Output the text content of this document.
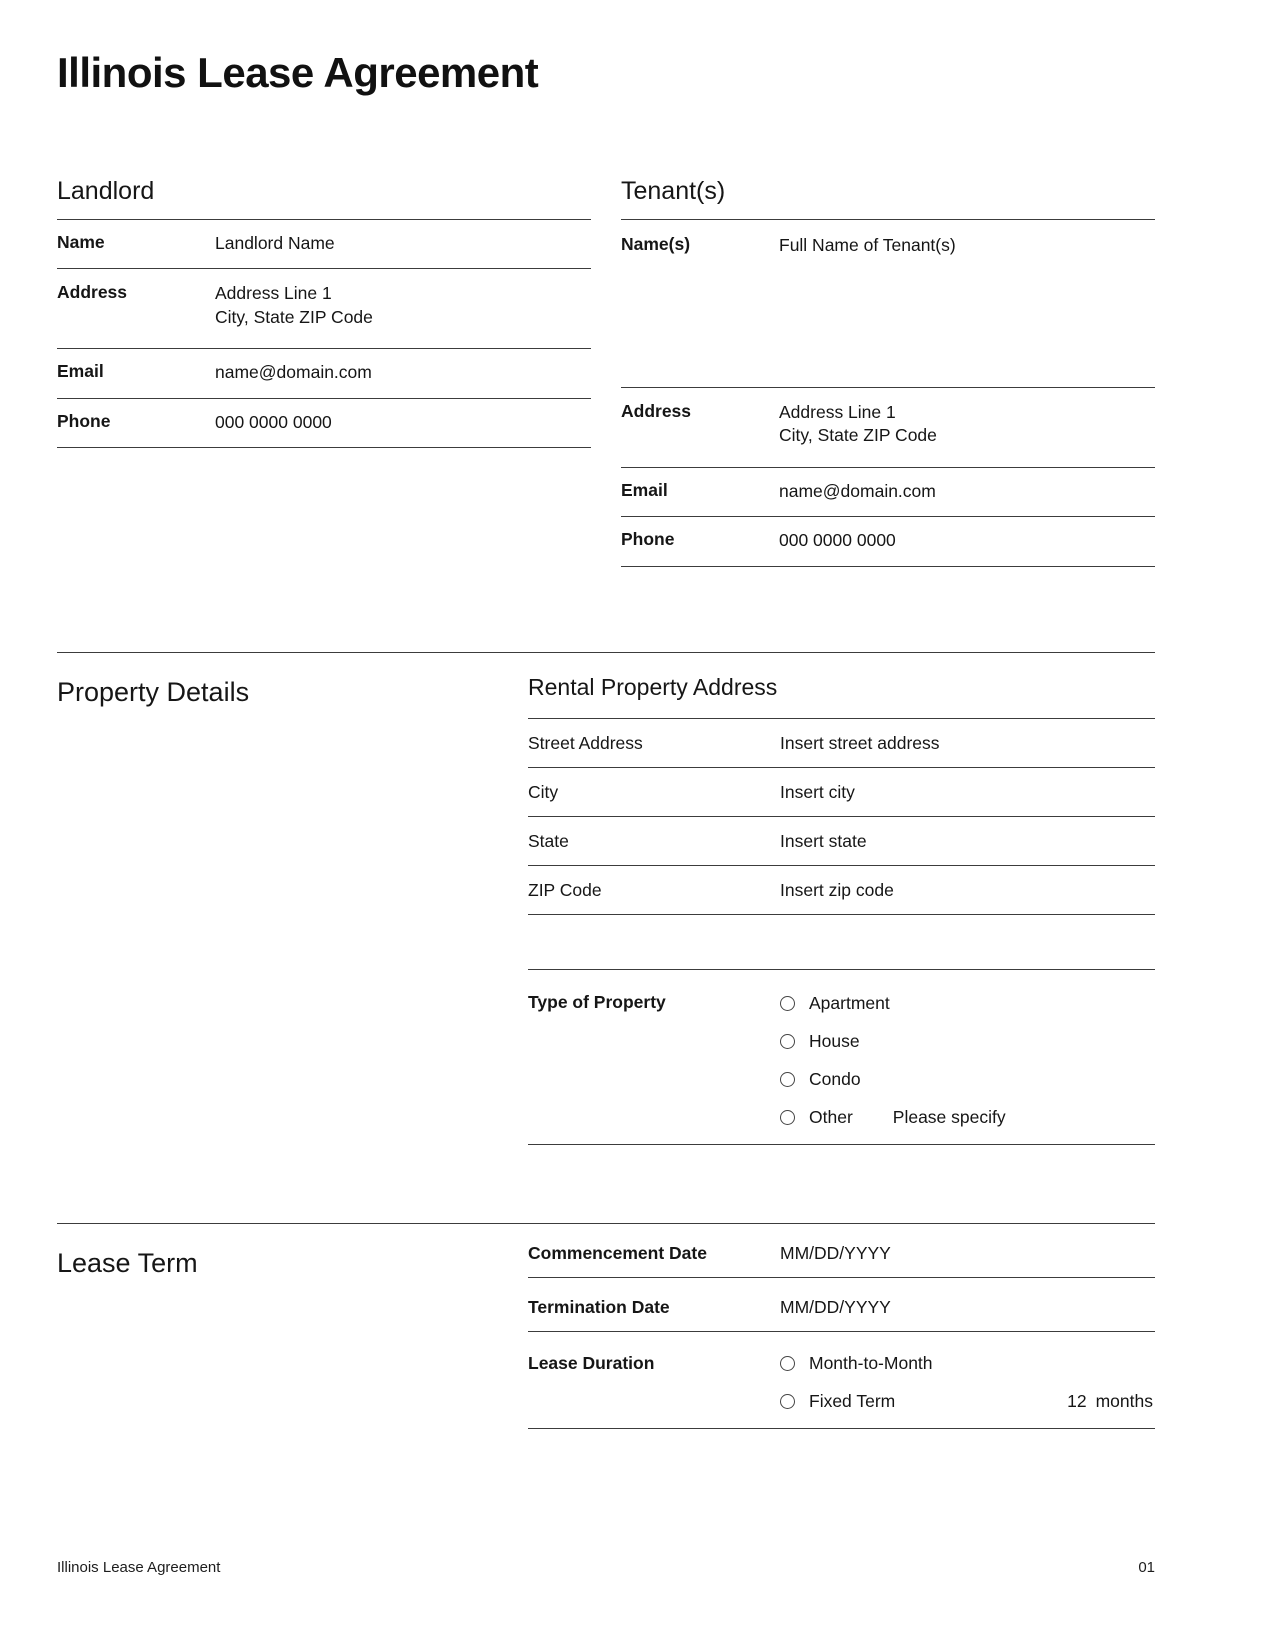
Illinois Lease Agreement
Landlord
Name	Landlord Name
Address	Address Line 1
City, State ZIP Code
Email	name@domain.com
Phone	000 0000 0000
Tenant(s)
Name(s)	Full Name of Tenant(s)
Address	Address Line 1
City, State ZIP Code
Email	name@domain.com
Phone	000 0000 0000
Property Details	Rental Property Address
Street Address	Insert street address
City	Insert city
State	Insert state
ZIP Code	Insert zip code
Type of Property	Apartment
House
Condo
Other Please specify
Lease Term	Commencement Date	MM/DD/YYYY
Termination Date	MM/DD/YYYY
Lease Duration	Month-to-Month
Fixed Term	12 months
Illinois Lease Agreement	01
